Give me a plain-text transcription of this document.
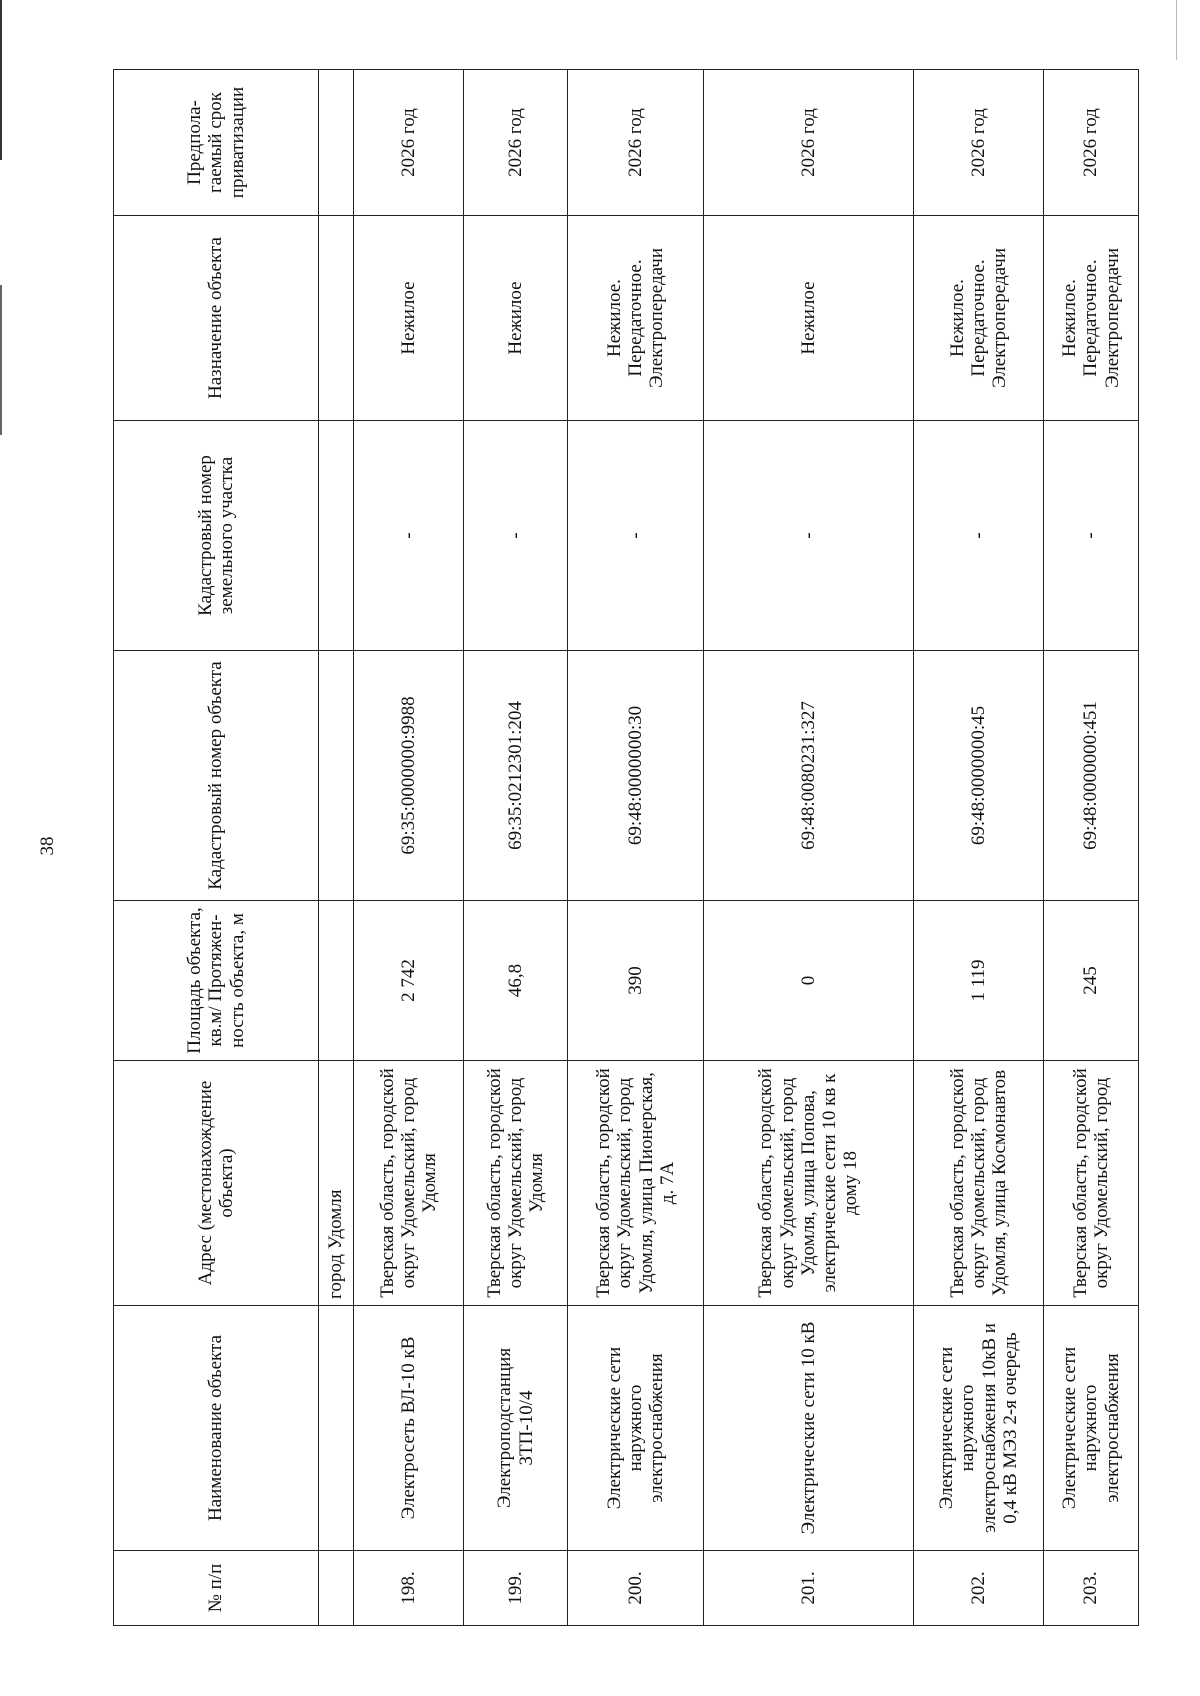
38
№ п/п	Наименование объекта	Адрес (местонахождение объекта)	Площадь объекта, кв.м/ Протяжен-ность объекта, м	Кадастровый номер объекта	Кадастровый номер земельного участка	Назначение объекта	Предпола-гаемый срок приватизации
		город Удомля					
198.	Электросеть ВЛ-10 кВ	Тверская область, городской округ Удомельский, город Удомля	2 742	69:35:0000000:9988	-	Нежилое	2026 год
199.	Электроподстанция ЗТП-10/4	Тверская область, городской округ Удомельский, город Удомля	46,8	69:35:0212301:204	-	Нежилое	2026 год
200.	Электрические сети наружного электроснабжения	Тверская область, городской округ Удомельский, город Удомля, улица Пионерская, д. 7А	390	69:48:0000000:30	-	Нежилое. Передаточное. Электропередачи	2026 год
201.	Электрические сети 10 кВ	Тверская область, городской округ Удомельский, город Удомля, улица Попова, электрические сети 10 кв к дому 18	0	69:48:0080231:327	-	Нежилое	2026 год
202.	Электрические сети наружного электроснабжения 10кВ и 0,4 кВ МЭЗ 2-я очередь	Тверская область, городской округ Удомельский, город Удомля, улица Космонавтов	1 119	69:48:0000000:45	-	Нежилое. Передаточное. Электропередачи	2026 год
203.	Электрические сети наружного электроснабжения	Тверская область, городской округ Удомельский, город	245	69:48:0000000:451	-	Нежилое. Передаточное. Электропередачи	2026 год
